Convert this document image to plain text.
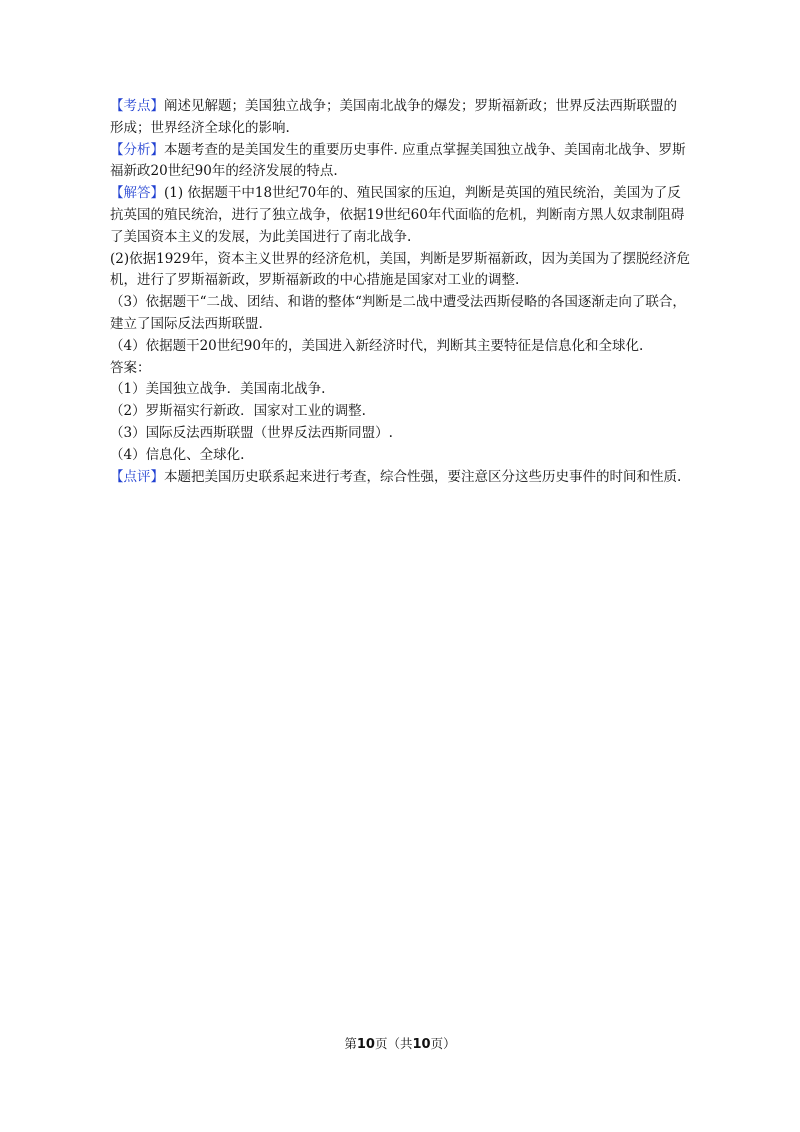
【考点】阐述见解题；美国独立战争；美国南北战争的爆发；罗斯福新政；世界反法西斯联盟的形成；世界经济全球化的影响.

【分析】本题考查的是美国发生的重要历史事件. 应重点掌握美国独立战争、美国南北战争、罗斯福新政20世纪90年的经济发展的特点.

【解答】(1) 依据题干中18世纪70年的、殖民国家的压迫，判断是英国的殖民统治，美国为了反抗英国的殖民统治，进行了独立战争，依据19世纪60年代面临的危机，判断南方黑人奴隶制阻碍了美国资本主义的发展，为此美国进行了南北战争.

(2)依据1929年，资本主义世界的经济危机，美国，判断是罗斯福新政，因为美国为了摆脱经济危机，进行了罗斯福新政，罗斯福新政的中心措施是国家对工业的调整.

（3）依据题干“二战、团结、和谐的整体“判断是二战中遭受法西斯侵略的各国逐渐走向了联合，建立了国际反法西斯联盟.

（4）依据题干20世纪90年的，美国进入新经济时代，判断其主要特征是信息化和全球化.

答案：

（1）美国独立战争．美国南北战争.

（2）罗斯福实行新政．国家对工业的调整.

（3）国际反法西斯联盟（世界反法西斯同盟）.

（4）信息化、全球化.

【点评】本题把美国历史联系起来进行考查，综合性强，要注意区分这些历史事件的时间和性质.

第10页（共10页）
